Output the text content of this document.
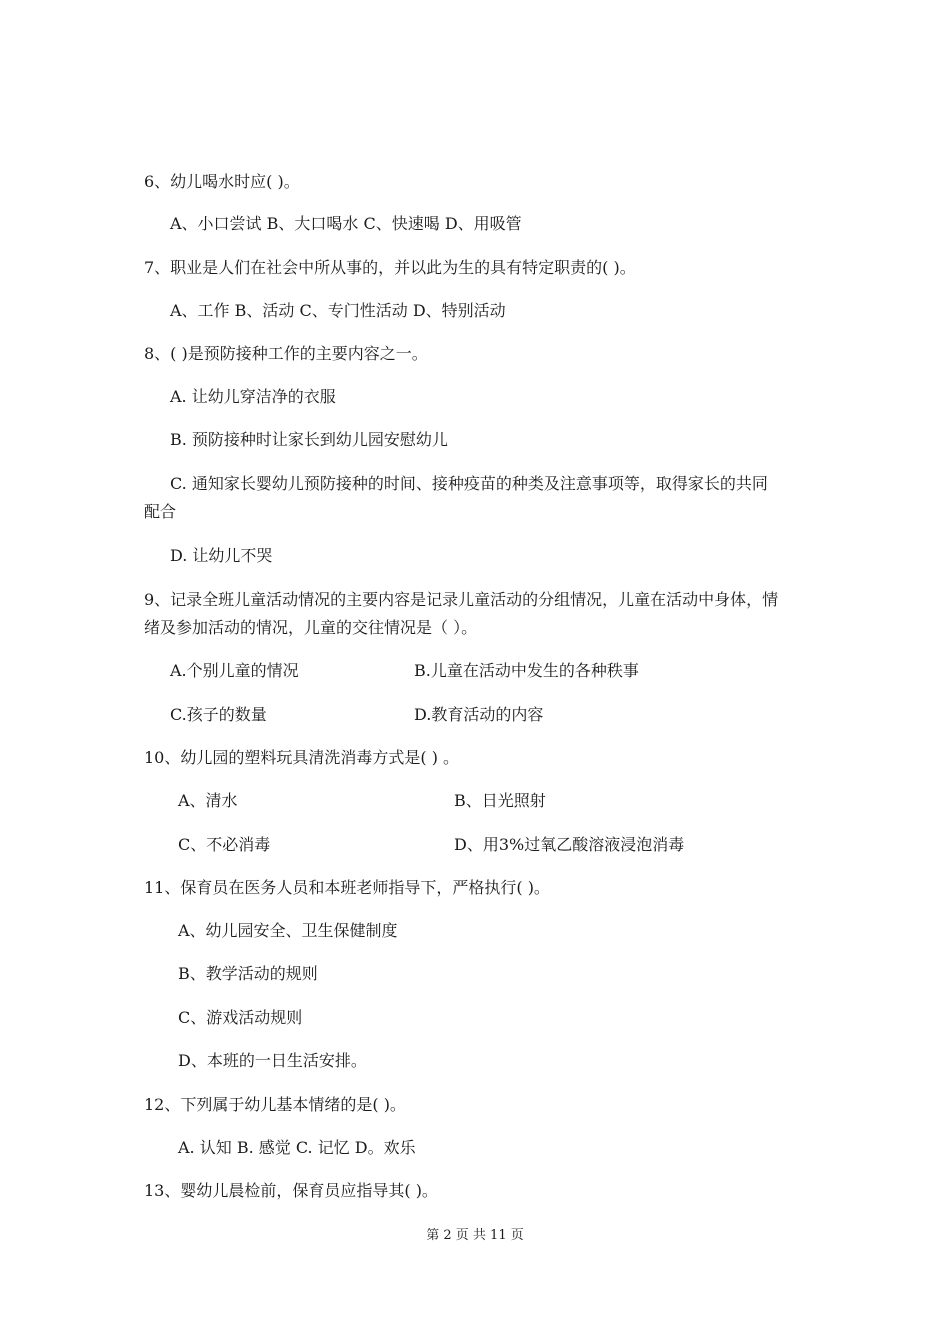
6、幼儿喝水时应( )。
A、小口尝试 B、大口喝水 C、快速喝 D、用吸管
7、职业是人们在社会中所从事的，并以此为生的具有特定职责的( )。
A、工作 B、活动 C、专门性活动 D、特别活动
8、( )是预防接种工作的主要内容之一。
A. 让幼儿穿洁净的衣服
B. 预防接种时让家长到幼儿园安慰幼儿
C. 通知家长婴幼儿预防接种的时间、接种疫苗的种类及注意事项等，取得家长的共同
配合
D. 让幼儿不哭
9、记录全班儿童活动情况的主要内容是记录儿童活动的分组情况，儿童在活动中身体，情
绪及参加活动的情况，儿童的交往情况是（ ）。
A.个别儿童的情况	B.儿童在活动中发生的各种秩事
C.孩子的数量	D.教育活动的内容
10、幼儿园的塑料玩具清洗消毒方式是( ) 。
A、清水	B、日光照射
C、不必消毒	D、用3%过氧乙酸溶液浸泡消毒
11、保育员在医务人员和本班老师指导下，严格执行( )。
A、幼儿园安全、卫生保健制度
B、教学活动的规则
C、游戏活动规则
D、本班的一日生活安排。
12、下列属于幼儿基本情绪的是( )。
A. 认知 B. 感觉 C. 记忆 D。欢乐
13、婴幼儿晨检前，保育员应指导其( )。
第 2 页 共 11 页
